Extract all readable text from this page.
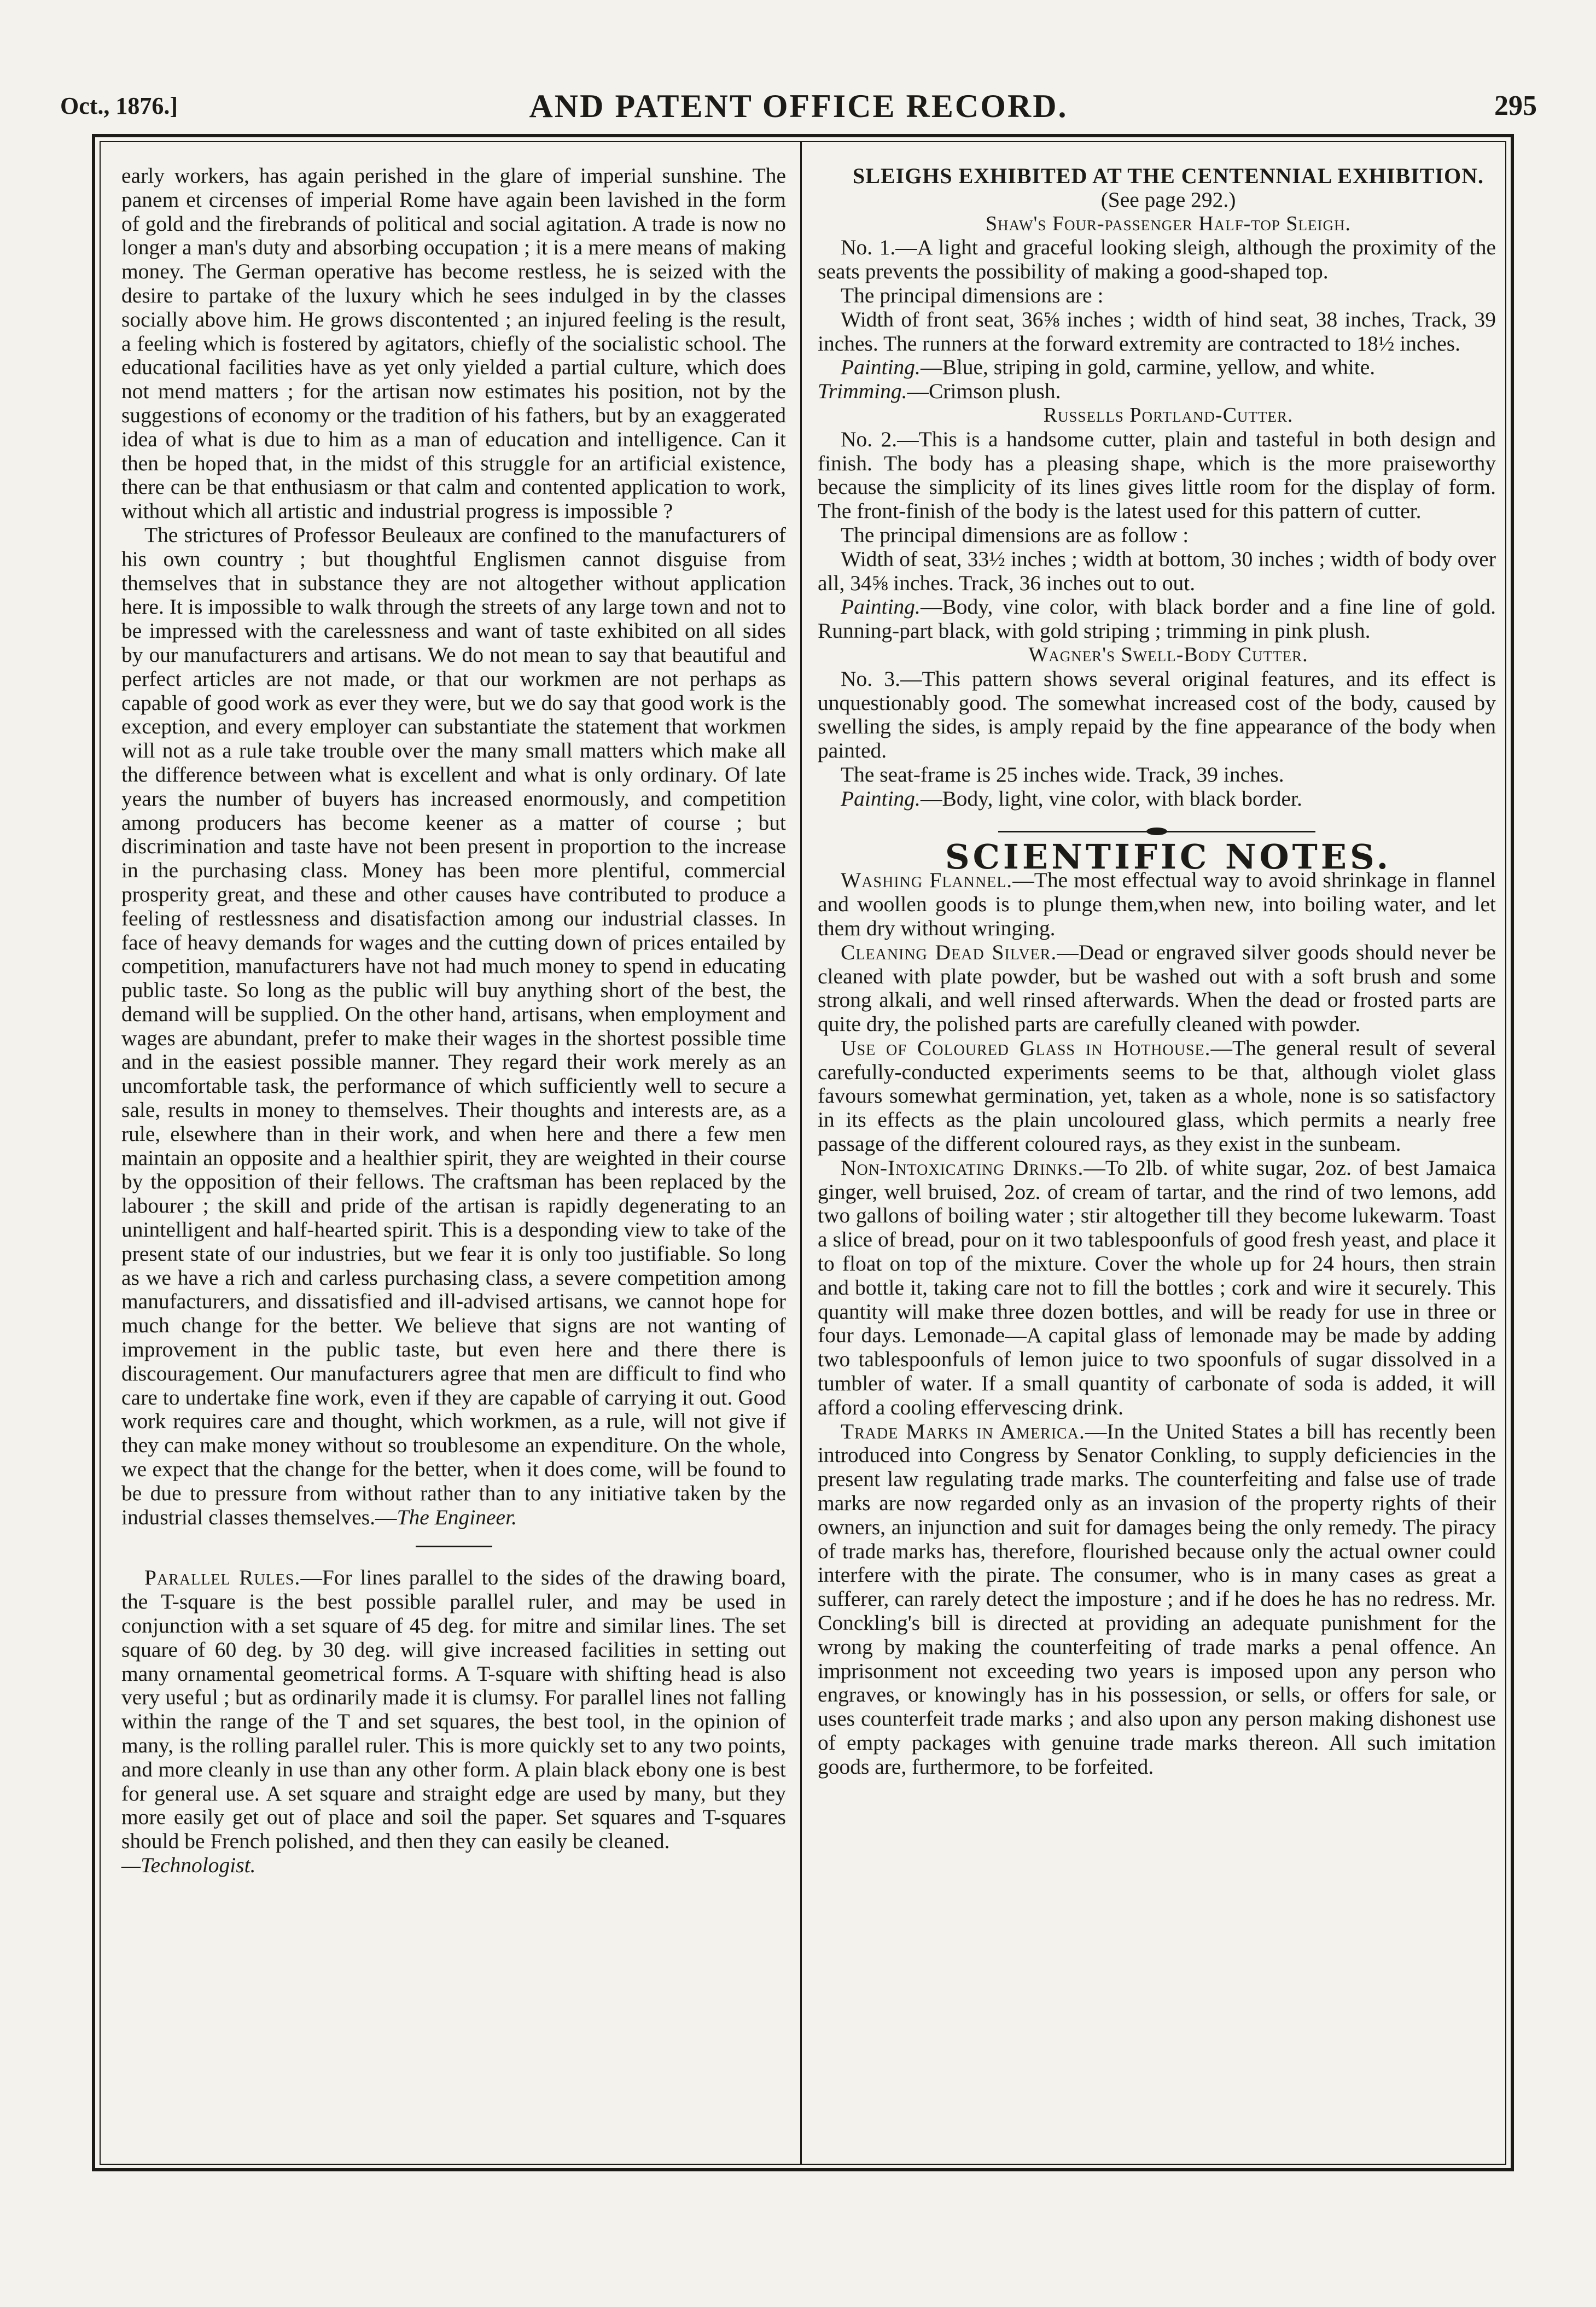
Oct., 1876.]	AND PATENT OFFICE RECORD.	295

early workers, has again perished in the glare of imperial sunshine. The panem et circenses of imperial Rome have again been lavished in the form of gold and the firebrands of political and social agitation. A trade is now no longer a man's duty and absorbing occupation ; it is a mere means of making money. The German operative has become restless, he is seized with the desire to partake of the luxury which he sees indulged in by the classes socially above him. He grows discontented ; an injured feeling is the result, a feeling which is fostered by agitators, chiefly of the socialistic school. The educational facilities have as yet only yielded a partial culture, which does not mend matters ; for the artisan now estimates his position, not by the suggestions of economy or the tradition of his fathers, but by an exaggerated idea of what is due to him as a man of education and intelligence. Can it then be hoped that, in the midst of this struggle for an artificial existence, there can be that enthusiasm or that calm and contented application to work, without which all artistic and industrial progress is impossible ?

The strictures of Professor Beuleaux are confined to the manufacturers of his own country ; but thoughtful Englismen cannot disguise from themselves that in substance they are not altogether without application here. It is impossible to walk through the streets of any large town and not to be impressed with the carelessness and want of taste exhibited on all sides by our manufacturers and artisans. We do not mean to say that beautiful and perfect articles are not made, or that our workmen are not perhaps as capable of good work as ever they were, but we do say that good work is the exception, and every employer can substantiate the statement that workmen will not as a rule take trouble over the many small matters which make all the difference between what is excellent and what is only ordinary. Of late years the number of buyers has increased enormously, and competition among producers has become keener as a matter of course ; but discrimination and taste have not been present in proportion to the increase in the purchasing class. Money has been more plentiful, commercial prosperity great, and these and other causes have contributed to produce a feeling of restlessness and disatisfaction among our industrial classes. In face of heavy demands for wages and the cutting down of prices entailed by competition, manufacturers have not had much money to spend in educating public taste. So long as the public will buy anything short of the best, the demand will be supplied. On the other hand, artisans, when employment and wages are abundant, prefer to make their wages in the shortest possible time and in the easiest possible manner. They regard their work merely as an uncomfortable task, the performance of which sufficiently well to secure a sale, results in money to themselves. Their thoughts and interests are, as a rule, elsewhere than in their work, and when here and there a few men maintain an opposite and a healthier spirit, they are weighted in their course by the opposition of their fellows. The craftsman has been replaced by the labourer ; the skill and pride of the artisan is rapidly degenerating to an unintelligent and half-hearted spirit. This is a desponding view to take of the present state of our industries, but we fear it is only too justifiable. So long as we have a rich and carless purchasing class, a severe competition among manufacturers, and dissatisfied and ill-advised artisans, we cannot hope for much change for the better. We believe that signs are not wanting of improvement in the public taste, but even here and there there is discouragement. Our manufacturers agree that men are difficult to find who care to undertake fine work, even if they are capable of carrying it out. Good work requires care and thought, which workmen, as a rule, will not give if they can make money without so troublesome an expenditure. On the whole, we expect that the change for the better, when it does come, will be found to be due to pressure from without rather than to any initiative taken by the industrial classes themselves.—The Engineer.

Parallel Rules.—For lines parallel to the sides of the drawing board, the T-square is the best possible parallel ruler, and may be used in conjunction with a set square of 45 deg. for mitre and similar lines. The set square of 60 deg. by 30 deg. will give increased facilities in setting out many ornamental geometrical forms. A T-square with shifting head is also very useful ; but as ordinarily made it is clumsy. For parallel lines not falling within the range of the T and set squares, the best tool, in the opinion of many, is the rolling parallel ruler. This is more quickly set to any two points, and more cleanly in use than any other form. A plain black ebony one is best for general use. A set square and straight edge are used by many, but they more easily get out of place and soil the paper. Set squares and T-squares should be French polished, and then they can easily be cleaned.

—Technologist.

SLEIGHS EXHIBITED AT THE CENTENNIAL EXHIBITION.

(See page 292.)

Shaw's Four-passenger Half-top Sleigh.

No. 1.—A light and graceful looking sleigh, although the proximity of the seats prevents the possibility of making a good-shaped top.

The principal dimensions are :

Width of front seat, 36⅝ inches ; width of hind seat, 38 inches, Track, 39 inches. The runners at the forward extremity are contracted to 18½ inches.

Painting.—Blue, striping in gold, carmine, yellow, and white.

Trimming.—Crimson plush.

Russells Portland-Cutter.

No. 2.—This is a handsome cutter, plain and tasteful in both design and finish. The body has a pleasing shape, which is the more praiseworthy because the simplicity of its lines gives little room for the display of form. The front-finish of the body is the latest used for this pattern of cutter.

The principal dimensions are as follow :

Width of seat, 33½ inches ; width at bottom, 30 inches ; width of body over all, 34⅝ inches. Track, 36 inches out to out.

Painting.—Body, vine color, with black border and a fine line of gold. Running-part black, with gold striping ; trimming in pink plush.

Wagner's Swell-Body Cutter.

No. 3.—This pattern shows several original features, and its effect is unquestionably good. The somewhat increased cost of the body, caused by swelling the sides, is amply repaid by the fine appearance of the body when painted.

The seat-frame is 25 inches wide. Track, 39 inches.

Painting.—Body, light, vine color, with black border.

SCIENTIFIC NOTES.

Washing Flannel.—The most effectual way to avoid shrinkage in flannel and woollen goods is to plunge them,when new, into boiling water, and let them dry without wringing.

Cleaning Dead Silver.—Dead or engraved silver goods should never be cleaned with plate powder, but be washed out with a soft brush and some strong alkali, and well rinsed afterwards. When the dead or frosted parts are quite dry, the polished parts are carefully cleaned with powder.

Use of Coloured Glass in Hothouse.—The general result of several carefully-conducted experiments seems to be that, although violet glass favours somewhat germination, yet, taken as a whole, none is so satisfactory in its effects as the plain uncoloured glass, which permits a nearly free passage of the different coloured rays, as they exist in the sunbeam.

Non-Intoxicating Drinks.—To 2lb. of white sugar, 2oz. of best Jamaica ginger, well bruised, 2oz. of cream of tartar, and the rind of two lemons, add two gallons of boiling water ; stir altogether till they become lukewarm. Toast a slice of bread, pour on it two tablespoonfuls of good fresh yeast, and place it to float on top of the mixture. Cover the whole up for 24 hours, then strain and bottle it, taking care not to fill the bottles ; cork and wire it securely. This quantity will make three dozen bottles, and will be ready for use in three or four days. Lemonade—A capital glass of lemonade may be made by adding two tablespoonfuls of lemon juice to two spoonfuls of sugar dissolved in a tumbler of water. If a small quantity of carbonate of soda is added, it will afford a cooling effervescing drink.

Trade Marks in America.—In the United States a bill has recently been introduced into Congress by Senator Conkling, to supply deficiencies in the present law regulating trade marks. The counterfeiting and false use of trade marks are now regarded only as an invasion of the property rights of their owners, an injunction and suit for damages being the only remedy. The piracy of trade marks has, therefore, flourished because only the actual owner could interfere with the pirate. The consumer, who is in many cases as great a sufferer, can rarely detect the imposture ; and if he does he has no redress. Mr. Conckling's bill is directed at providing an adequate punishment for the wrong by making the counterfeiting of trade marks a penal offence. An imprisonment not exceeding two years is imposed upon any person who engraves, or knowingly has in his possession, or sells, or offers for sale, or uses counterfeit trade marks ; and also upon any person making dishonest use of empty packages with genuine trade marks thereon. All such imitation goods are, furthermore, to be forfeited.
